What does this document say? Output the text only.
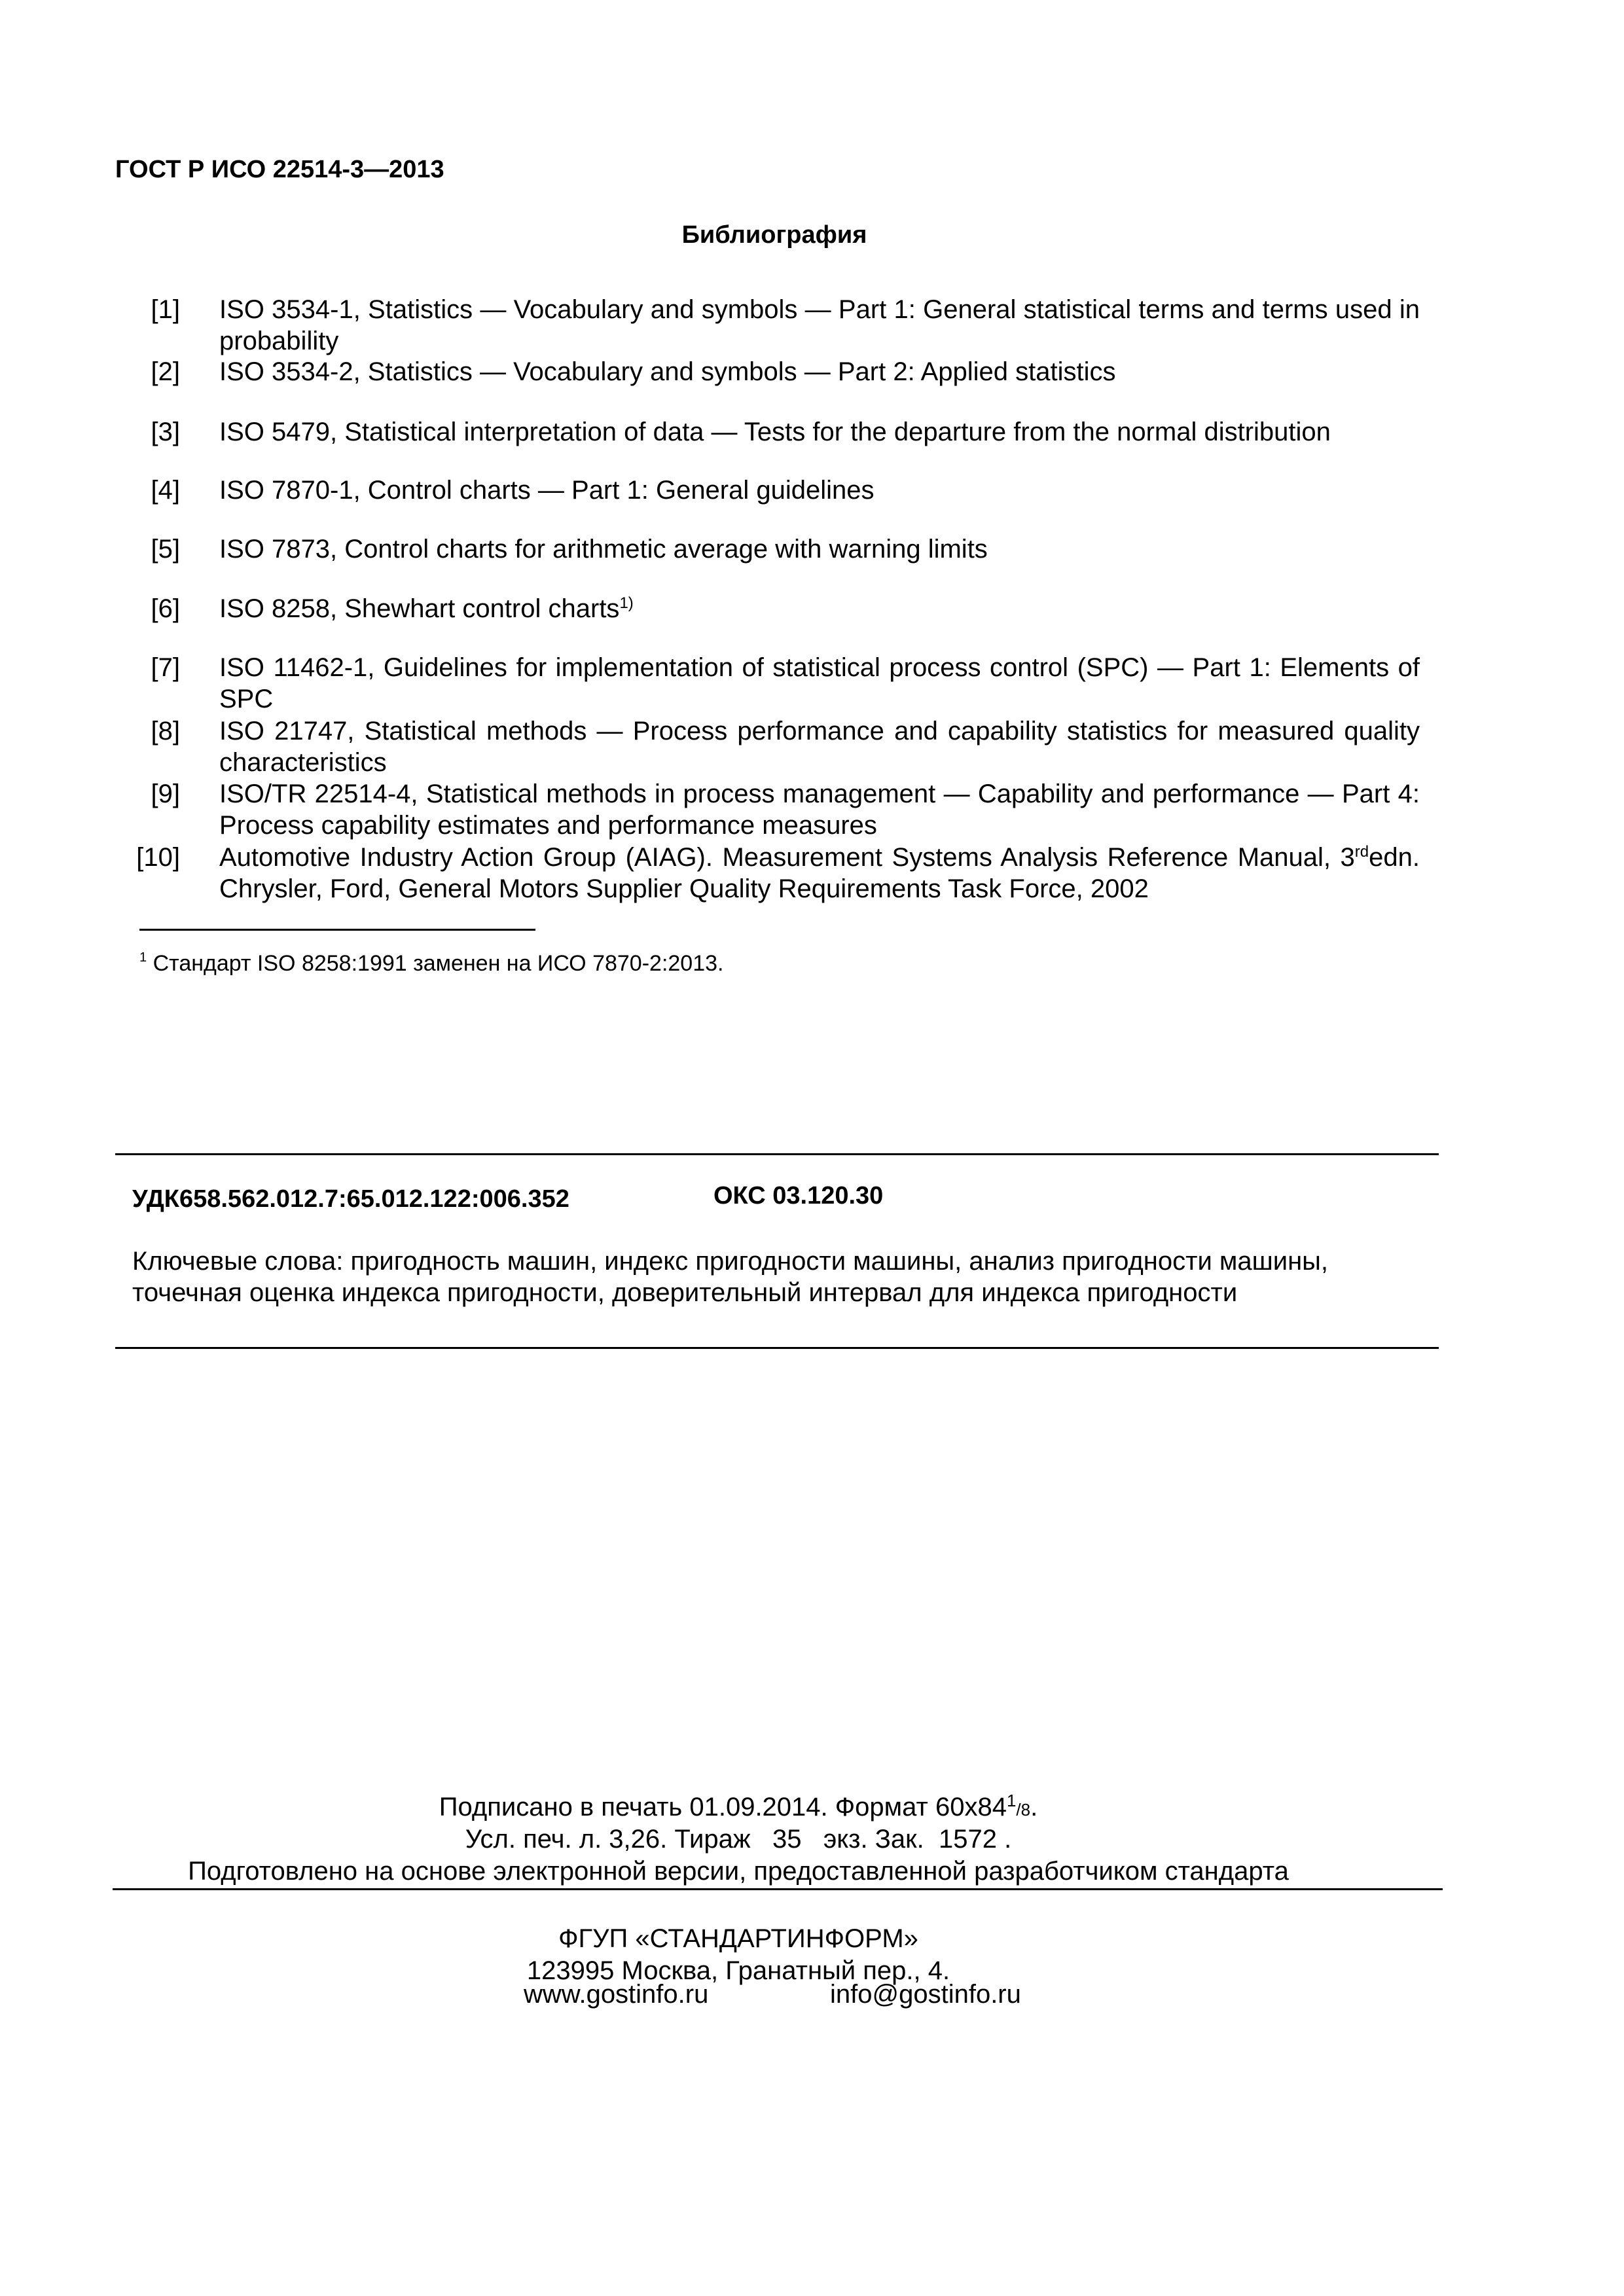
ГОСТ Р ИСО 22514-3—2013
Библиография
[1] ISO 3534-1, Statistics — Vocabulary and symbols — Part 1: General statistical terms and terms used in probability
[2] ISO 3534-2, Statistics — Vocabulary and symbols — Part 2: Applied statistics
[3] ISO 5479, Statistical interpretation of data — Tests for the departure from the normal distribution
[4] ISO 7870-1, Control charts — Part 1: General guidelines
[5] ISO 7873, Control charts for arithmetic average with warning limits
[6] ISO 8258, Shewhart control charts$^{1)}$
[7] ISO 11462-1, Guidelines for implementation of statistical process control (SPC) — Part 1: Elements of SPC
[8] ISO 21747, Statistical methods — Process performance and capability statistics for measured quality characteristics
[9] ISO/TR 22514-4, Statistical methods in process management — Capability and performance — Part 4: Process capability estimates and performance measures
[10] Automotive Industry Action Group (AIAG). Measurement Systems Analysis Reference Manual, 3rdedn. Chrysler, Ford, General Motors Supplier Quality Requirements Task Force, 2002
$^1$ Стандарт ISO 8258:1991 заменен на ИСО 7870-2:2013.
УДК658.562.012.7:65.012.122:006.352	ОКС 03.120.30
Ключевые слова: пригодность машин, индекс пригодности машины, анализ пригодности машины,
точечная оценка индекса пригодности, доверительный интервал для индекса пригодности
Подписано в печать 01.09.2014. Формат $60х84^1/8$.
Усл. печ. л. 3,26. Тираж   35   экз. Зак.  1572 .
Подготовлено на основе электронной версии, предоставленной разработчиком стандарта
ФГУП «СТАНДАРТИНФОРМ»
123995 Москва, Гранатный пер., 4.
www.gostinfo.ru	info@gostinfo.ru
